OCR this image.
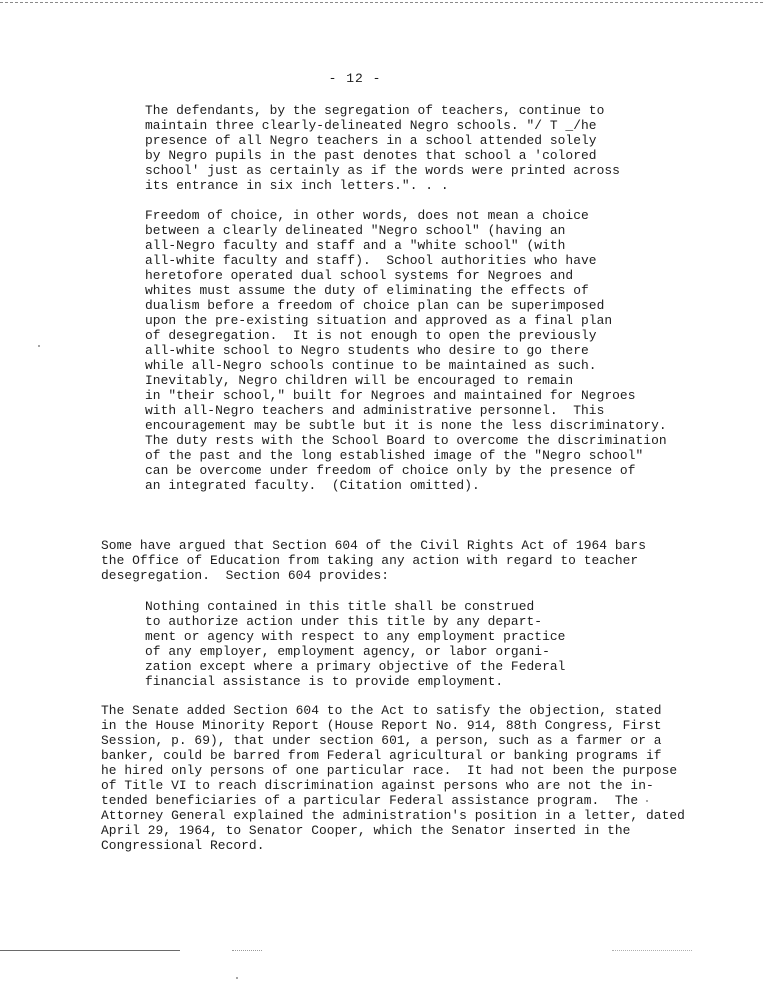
- 12 -

The defendants, by the segregation of teachers, continue to
maintain three clearly-delineated Negro schools. "/ T _/he
presence of all Negro teachers in a school attended solely
by Negro pupils in the past denotes that school a 'colored
school' just as certainly as if the words were printed across
its entrance in six inch letters.". . .

Freedom of choice, in other words, does not mean a choice
between a clearly delineated "Negro school" (having an
all-Negro faculty and staff and a "white school" (with
all-white faculty and staff).  School authorities who have
heretofore operated dual school systems for Negroes and
whites must assume the duty of eliminating the effects of
dualism before a freedom of choice plan can be superimposed
upon the pre-existing situation and approved as a final plan
of desegregation.  It is not enough to open the previously
all-white school to Negro students who desire to go there
while all-Negro schools continue to be maintained as such.
Inevitably, Negro children will be encouraged to remain
in "their school," built for Negroes and maintained for Negroes
with all-Negro teachers and administrative personnel.  This
encouragement may be subtle but it is none the less discriminatory.
The duty rests with the School Board to overcome the discrimination
of the past and the long established image of the "Negro school"
can be overcome under freedom of choice only by the presence of
an integrated faculty.  (Citation omitted).

Some have argued that Section 604 of the Civil Rights Act of 1964 bars
the Office of Education from taking any action with regard to teacher
desegregation.  Section 604 provides:

Nothing contained in this title shall be construed
to authorize action under this title by any depart-
ment or agency with respect to any employment practice
of any employer, employment agency, or labor organi-
zation except where a primary objective of the Federal
financial assistance is to provide employment.

The Senate added Section 604 to the Act to satisfy the objection, stated
in the House Minority Report (House Report No. 914, 88th Congress, First
Session, p. 69), that under section 601, a person, such as a farmer or a
banker, could be barred from Federal agricultural or banking programs if
he hired only persons of one particular race.  It had not been the purpose
of Title VI to reach discrimination against persons who are not the in-
tended beneficiaries of a particular Federal assistance program.  The
Attorney General explained the administration's position in a letter, dated
April 29, 1964, to Senator Cooper, which the Senator inserted in the
Congressional Record.
